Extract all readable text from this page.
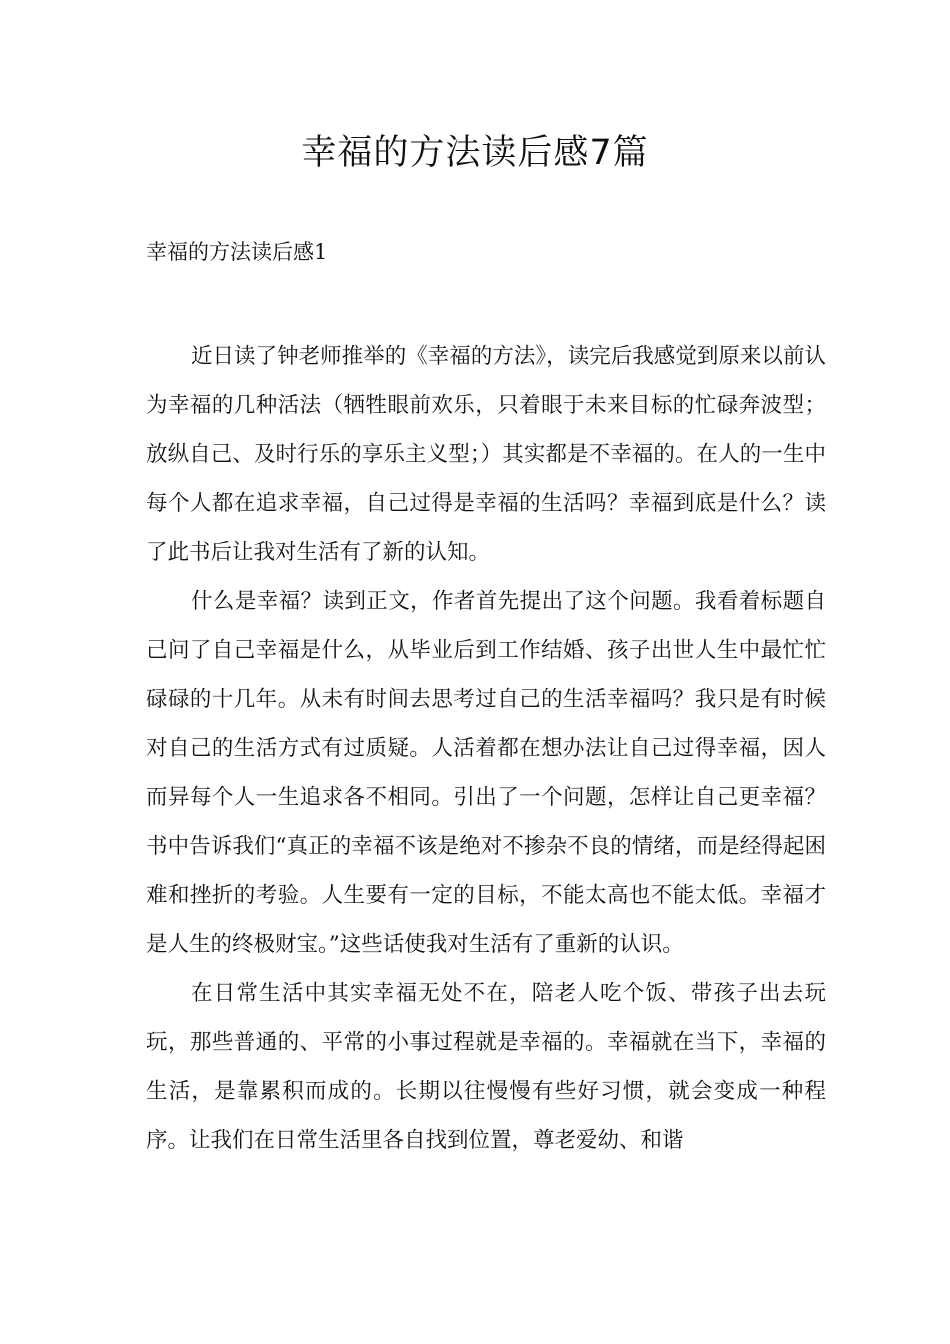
幸福的方法读后感7篇
幸福的方法读后感1

近日读了钟老师推举的《幸福的方法》，读完后我感觉到原来以前认为幸福的几种活法（牺牲眼前欢乐，只着眼于未来目标的忙碌奔波型；放纵自己、及时行乐的享乐主义型；）其实都是不幸福的。在人的一生中每个人都在追求幸福，自己过得是幸福的生活吗？幸福到底是什么？读了此书后让我对生活有了新的认知。

什么是幸福？读到正文，作者首先提出了这个问题。我看着标题自己问了自己幸福是什么，从毕业后到工作结婚、孩子出世人生中最忙忙碌碌的十几年。从未有时间去思考过自己的生活幸福吗？我只是有时候对自己的生活方式有过质疑。人活着都在想办法让自己过得幸福，因人而异每个人一生追求各不相同。引出了一个问题，怎样让自己更幸福？书中告诉我们“真正的幸福不该是绝对不掺杂不良的情绪，而是经得起困难和挫折的考验。人生要有一定的目标，不能太高也不能太低。幸福才是人生的终极财宝。”这些话使我对生活有了重新的认识。

在日常生活中其实幸福无处不在，陪老人吃个饭、带孩子出去玩玩，那些普通的、平常的小事过程就是幸福的。幸福就在当下，幸福的生活，是靠累积而成的。长期以往慢慢有些好习惯，就会变成一种程序。让我们在日常生活里各自找到位置，尊老爱幼、和谐
